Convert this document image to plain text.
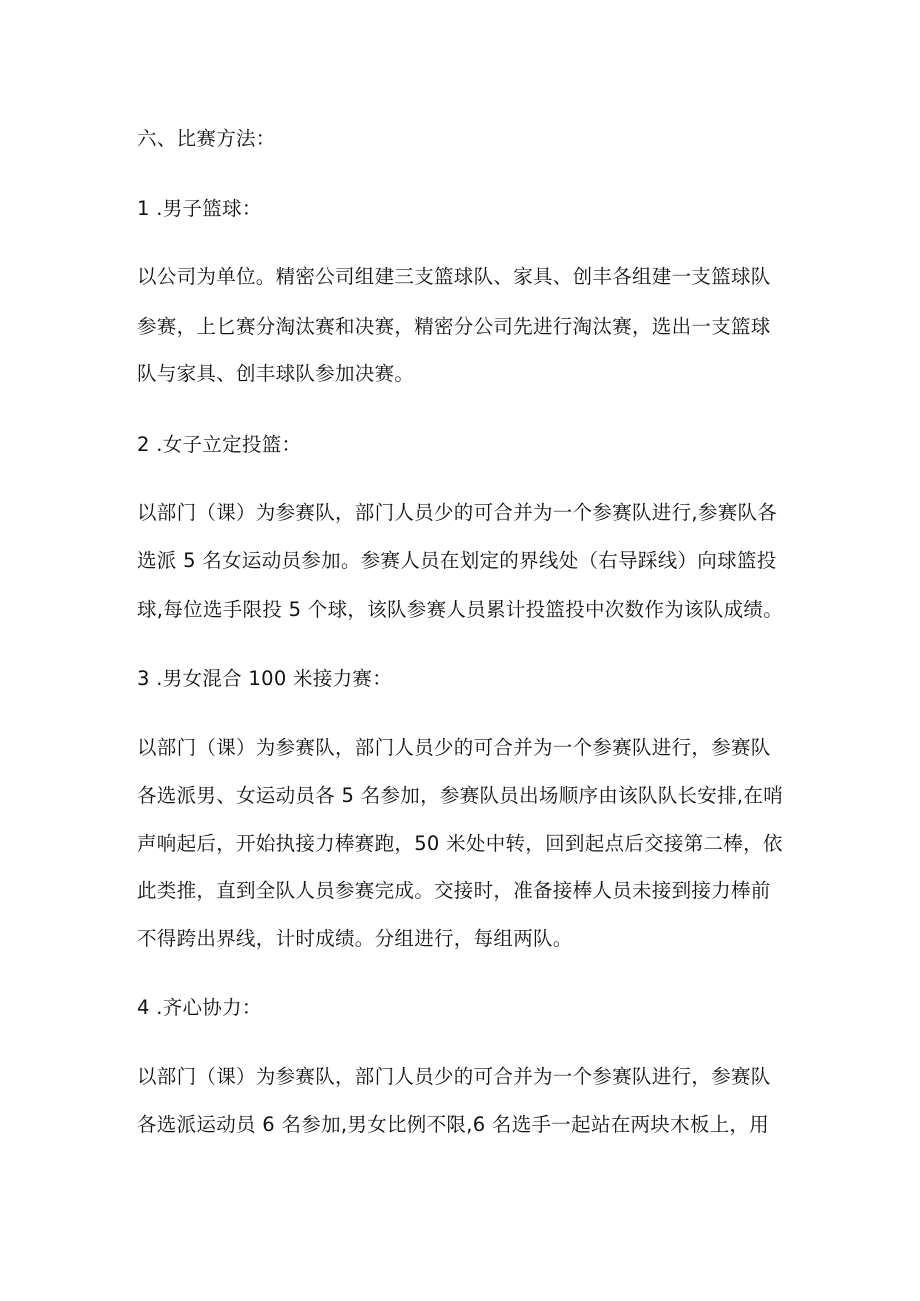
六、比赛方法：
1 .男子篮球：
以公司为单位。精密公司组建三支篮球队、家具、创丰各组建一支篮球队
参赛，上匕赛分淘汰赛和决赛，精密分公司先进行淘汰赛，选出一支篮球
队与家具、创丰球队参加决赛。
2 .女子立定投篮：
以部门（课）为参赛队，部门人员少的可合并为一个参赛队进行,参赛队各
选派 5 名女运动员参加。参赛人员在划定的界线处（右导踩线）向球篮投
球,每位选手限投 5 个球，该队参赛人员累计投篮投中次数作为该队成绩。
3 .男女混合 100 米接力赛：
以部门（课）为参赛队，部门人员少的可合并为一个参赛队进行，参赛队
各选派男、女运动员各 5 名参加，参赛队员出场顺序由该队队长安排,在哨
声响起后，开始执接力棒赛跑，50 米处中转，回到起点后交接第二棒，依
此类推，直到全队人员参赛完成。交接时，准备接棒人员未接到接力棒前
不得跨出界线，计时成绩。分组进行，每组两队。
4 .齐心协力：
以部门（课）为参赛队，部门人员少的可合并为一个参赛队进行，参赛队
各选派运动员 6 名参加,男女比例不限,6 名选手一起站在两块木板上，用
